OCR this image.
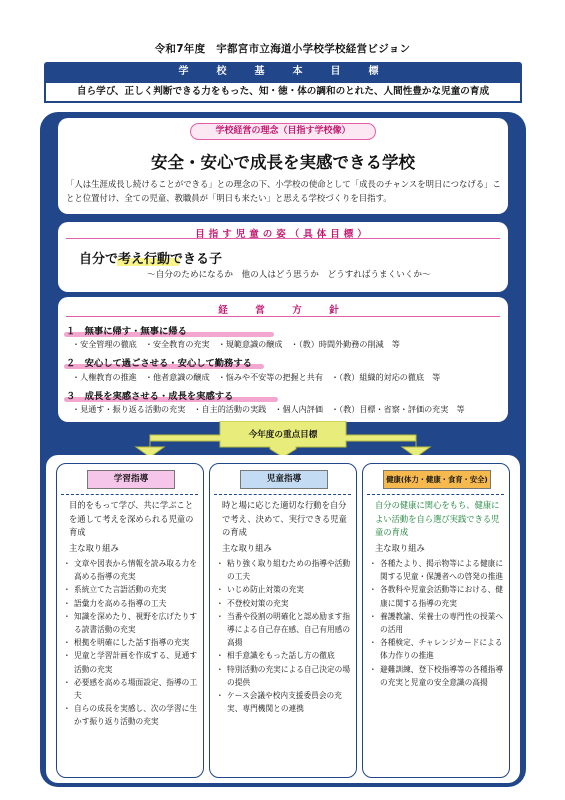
令和7年度　宇都宮市立海道小学校学校経営ビジョン
学　校　基　本　目　標
自ら学び、正しく判断できる力をもった、知・徳・体の調和のとれた、人間性豊かな児童の育成
学校経営の理念（目指す学校像）
安全・安心で成長を実感できる学校
「人は生涯成長し続けることができる」との理念の下、小学校の使命として「成長のチャンスを明日につなげる」ことと位置付け、全ての児童、教職員が「明日も来たい」と思える学校づくりを目指す。
目指す児童の姿（具体目標）
自分で考え行動できる子
～自分のためになるか　他の人はどう思うか　どうすればうまくいくか～
経　営　方　針
１　無事に帰す・無事に帰る
・安全管理の徹底　・安全教育の充実　・規範意識の醸成　・（教）時間外勤務の削減　等
２　安心して過ごさせる・安心して勤務する
・人権教育の推進　・他者意識の醸成　・悩みや不安等の把握と共有　・（教）組織的対応の徹底　等
３　成長を実感させる・成長を実感する
・見通す・振り返る活動の充実　・自主的活動の実践　・個人内評価　・（教）目標・省察・評価の充実　等
今年度の重点目標
学習指導
目的をもって学び、共に学ぶことを通して考えを深められる児童の育成
主な取り組み
・ 文章や図表から情報を読み取る力を高める指導の充実
・ 系統立てた言語活動の充実
・ 語彙力を高める指導の工夫
・ 知識を深めたり、視野を広げたりする読書活動の充実
・ 根拠を明確にした話す指導の充実
・ 児童と学習計画を作成する、見通す活動の充実
・ 必要感を高める場面設定、指導の工夫
・ 自らの成長を実感し、次の学習に生かす振り返り活動の充実
児童指導
時と場に応じた適切な行動を自分で考え、決めて、実行できる児童の育成
主な取り組み
・ 粘り強く取り組むための指導や活動の工夫
・ いじめ防止対策の充実
・ 不登校対策の充実
・ 当番や役割の明確化と認め励ます指導による自己存在感、自己有用感の高揚
・ 相手意識をもった話し方の徹底
・ 特別活動の充実による自己決定の場の提供
・ ケース会議や校内支援委員会の充実、専門機関との連携
健康(体力・健康・食育・安全)
自分の健康に関心をもち、健康によい活動を自ら選び実践できる児童の育成
主な取り組み
・ 各種たより、掲示物等による健康に関する児童・保護者への啓発の推進
・ 各教科や児童会活動等における、健康に関する指導の充実
・ 養護教諭、栄養士の専門性の授業への活用
・ 各種検定、チャレンジカードによる体力作りの推進
・ 避難訓練、登下校指導等の各種指導の充実と児童の安全意識の高揚
